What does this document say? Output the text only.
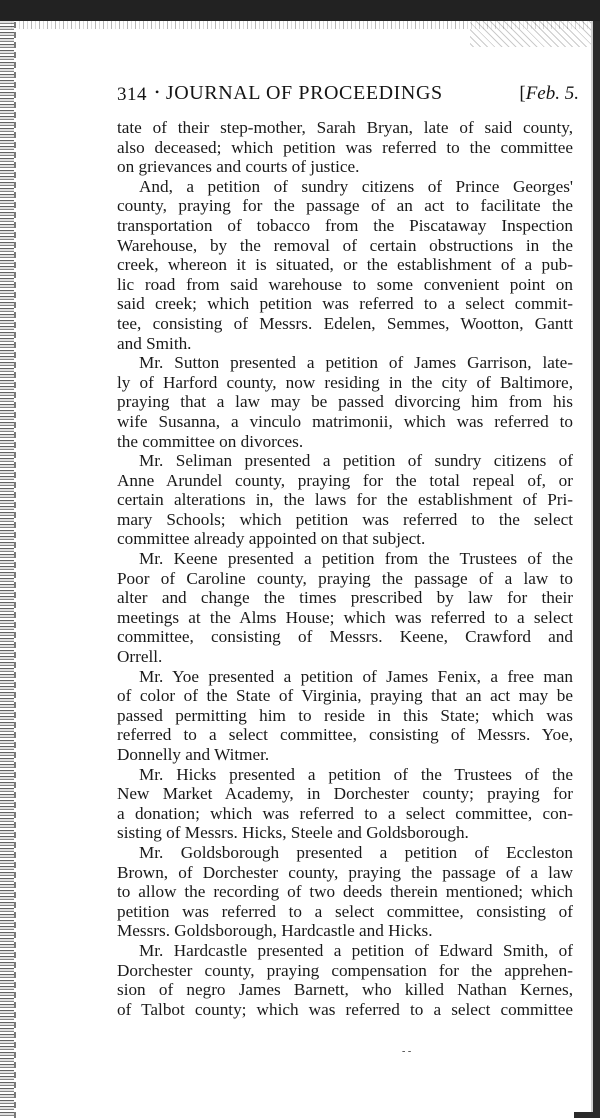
314 • JOURNAL OF PROCEEDINGS	[Feb. 5.
tate of their step-mother, Sarah Bryan, late of said county,
also deceased; which petition was referred to the committee
on grievances and courts of justice.
And, a petition of sundry citizens of Prince Georges'
county, praying for the passage of an act to facilitate the
transportation of tobacco from the Piscataway Inspection
Warehouse, by the removal of certain obstructions in the
creek, whereon it is situated, or the establishment of a pub-
lic road from said warehouse to some convenient point on
said creek; which petition was referred to a select commit-
tee, consisting of Messrs. Edelen, Semmes, Wootton, Gantt
and Smith.
Mr. Sutton presented a petition of James Garrison, late-
ly of Harford county, now residing in the city of Baltimore,
praying that a law may be passed divorcing him from his
wife Susanna, a vinculo matrimonii, which was referred to
the committee on divorces.
Mr. Seliman presented a petition of sundry citizens of
Anne Arundel county, praying for the total repeal of, or
certain alterations in, the laws for the establishment of Pri-
mary Schools; which petition was referred to the select
committee already appointed on that subject.
Mr. Keene presented a petition from the Trustees of the
Poor of Caroline county, praying the passage of a law to
alter and change the times prescribed by law for their
meetings at the Alms House; which was referred to a select
committee, consisting of Messrs. Keene, Crawford and
Orrell.
Mr. Yoe presented a petition of James Fenix, a free man
of color of the State of Virginia, praying that an act may be
passed permitting him to reside in this State; which was
referred to a select committee, consisting of Messrs. Yoe,
Donnelly and Witmer.
Mr. Hicks presented a petition of the Trustees of the
New Market Academy, in Dorchester county; praying for
a donation; which was referred to a select committee, con-
sisting of Messrs. Hicks, Steele and Goldsborough.
Mr. Goldsborough presented a petition of Eccleston
Brown, of Dorchester county, praying the passage of a law
to allow the recording of two deeds therein mentioned; which
petition was referred to a select committee, consisting of
Messrs. Goldsborough, Hardcastle and Hicks.
Mr. Hardcastle presented a petition of Edward Smith, of
Dorchester county, praying compensation for the apprehen-
sion of negro James Barnett, who killed Nathan Kernes,
of Talbot county; which was referred to a select committee
- -
